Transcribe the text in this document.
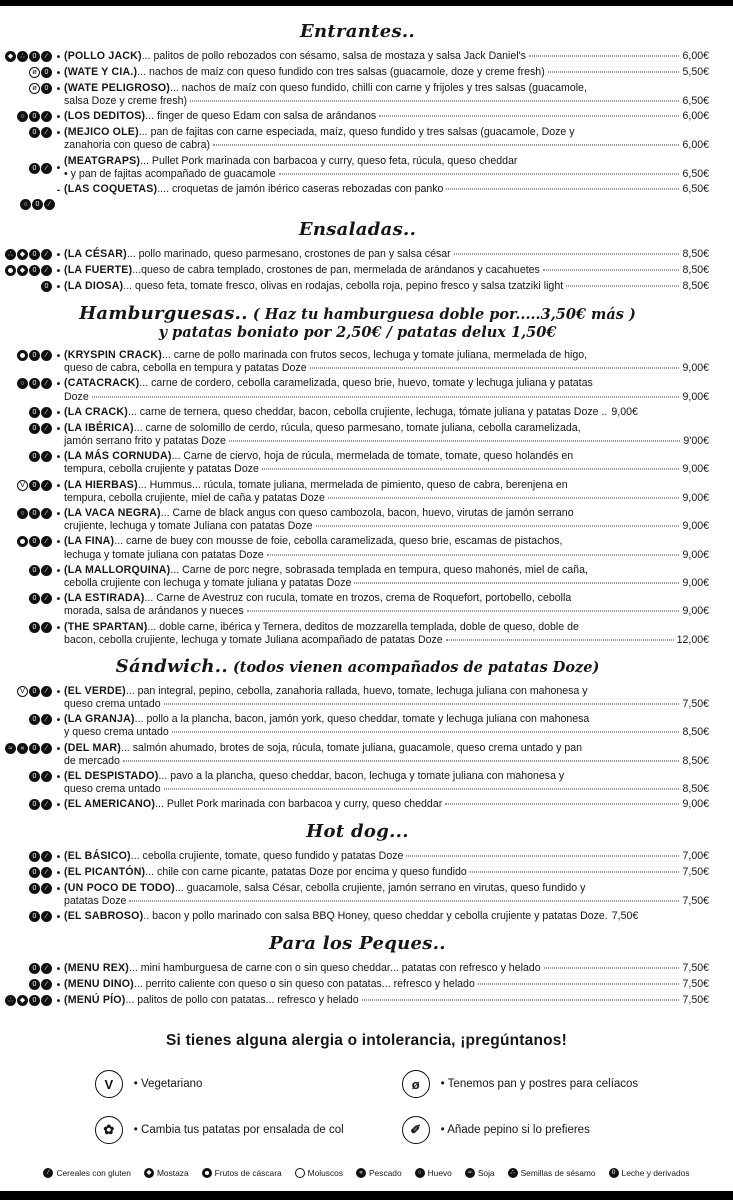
Entrantes..
◆	∴	0	∕ • (POLLO JACK) ... palitos de pollo rebozados con sésamo, salsa de mostaza y salsa Jack Daniel's	6,00€
ø	0 • (WATE Y CIA.) ... nachos de maíz con queso fundido con tres salsas (guacamole, doze y creme fresh)	5,50€
ø	0 • (WATE PELIGROSO) ... nachos de maíz con queso fundido, chilli con carne y frijoles y tres salsas (guacamole,
salsa Doze y creme fresh)	6,50€
○	0	∕ • (LOS DEDITOS) ... finger de queso Edam con salsa de arándanos	6,00€
0	∕ • (MEJICO OLE) ... pan de fajitas con carne especiada, maíz, queso fundido y tres salsas (guacamole, Doze y
zanahoria con queso de cabra)	6,00€
0	∕ •
(MEATGRAPS) ... Pullet Pork marinada con barbacoa y curry, queso feta, rúcula, queso cheddar
• y pan de fajitas acompañado de guacamole	6,50€
- (LAS COQUETAS) .... croquetas de jamón ibérico caseras rebozadas con panko	6,50€
○	0	∕
Ensaladas..
∴	◆	0	∕ • (LA CÉSAR) ... pollo marinado, queso parmesano, crostones de pan y salsa césar	8,50€
◆	0	∕ • (LA FUERTE) ...queso de cabra templado, crostones de pan, mermelada de arándanos y cacahuetes	8,50€
0 • (LA DIOSA) ... queso feta, tomate fresco, olivas en rodajas, cebolla roja, pepino fresco y salsa tzatziki light	8,50€
Hamburguesas.. ( Haz tu hamburguesa doble por.....3,50€ más )
y patatas boniato por 2,50€ / patatas delux 1,50€
0	∕ • (KRYSPIN CRACK) ... carne de pollo marinada con frutos secos, lechuga y tomate juliana, mermelada de higo,
queso de cabra, cebolla en tempura y patatas Doze	9,00€
○	0	∕ • (CATACRACK) ... carne de cordero, cebolla caramelizada, queso brie, huevo, tomate y lechuga juliana y patatas
Doze	9,00€
0	∕ • (LA CRACK) ... carne de ternera, queso cheddar, bacon, cebolla crujiente, lechuga, tómate juliana y patatas Doze .. 9,00€
0	∕ • (LA IBÉRICA) ... carne de solomillo de cerdo, rúcula, queso parmesano, tomate juliana, cebolla caramelizada,
jamón serrano frito y patatas Doze	9'00€
0	∕ • (LA MÁS CORNUDA) ... Carne de ciervo, hoja de rúcula, mermelada de tomate, tomate, queso holandés en
tempura, cebolla crujiente y patatas Doze	9,00€
V	0	∕ • (LA HIERBAS) ... Hummus... rúcula, tomate juliana, mermelada de pimiento, queso de cabra, berenjena en
tempura, cebolla crujiente, miel de caña y patatas Doze	9,00€
○	0	∕ • (LA VACA NEGRA) ... Carne de black angus con queso cambozola, bacon, huevo, virutas de jamón serrano
crujiente, lechuga y tomate Juliana con patatas Doze	9,00€
0	∕ • (LA FINA) ... carne de buey con mousse de foie, cebolla caramelizada, queso brie, escamas de pistachos,
lechuga y tomate juliana con patatas Doze	9,00€
0	∕ • (LA MALLORQUINA) ... Carne de porc negre, sobrasada templada en tempura, queso mahonés, miel de caña,
cebolla crujiente con lechuga y tomate juliana y patatas Doze	9,00€
0	∕ • (LA ESTIRADA) ... Carne de Avestruz con rucula, tomate en trozos, crema de Roquefort, portobello, cebolla
morada, salsa de arándanos y nueces	9,00€
0	∕ • (THE SPARTAN) ... doble carne, ibérica y Ternera, deditos de mozzarella templada, doble de queso, doble de
bacon, cebolla crujiente, lechuga y tomate Juliana acompañado de patatas Doze	12,00€
Sándwich.. (todos vienen acompañados de patatas Doze)
V	0	∕ • (EL VERDE) ... pan integral, pepino, cebolla, zanahoria rallada, huevo, tomate, lechuga juliana con mahonesa y
queso crema untado	7,50€
0	∕ • (LA GRANJA) ... pollo a la plancha, bacon, jamón york, queso cheddar, tomate y lechuga juliana con mahonesa
y queso crema untado	8,50€
≈	«	0	∕ • (DEL MAR) ... salmón ahumado, brotes de soja, rúcula, tomate juliana, guacamole, queso crema untado y pan
de mercado	8,50€
0	∕ • (EL DESPISTADO) ... pavo a la plancha, queso cheddar, bacon, lechuga y tomate juliana con mahonesa y
queso crema untado	8,50€
0	∕ • (EL AMERICANO) ... Pullet Pork marinada con barbacoa y curry, queso cheddar	9,00€
Hot dog...
0	∕ • (EL BÁSICO) ... cebolla crujiente, tomate, queso fundido y patatas Doze	7,00€
0	∕ • (EL PICANTÓN) ... chile con carne picante, patatas Doze por encima y queso fundido	7,50€
0	∕ • (UN POCO DE TODO) ... guacamole, salsa César, cebolla crujiente, jamón serrano en virutas, queso fundido y
patatas Doze	7,50€
0	∕ • (EL SABROSO) .. bacon y pollo marinado con salsa BBQ Honey, queso cheddar y cebolla crujiente y patatas Doze. 7,50€
Para los Peques..
0	∕ • (MENU REX) ... mini hamburguesa de carne con o sin queso cheddar... patatas con refresco y helado	7,50€
0	∕ • (MENU DINO) ... perrito caliente con queso o sin queso con patatas... refresco y helado	7,50€
∴	◆	0	∕ • (MENÚ PÍO) ... palitos de pollo con patatas... refresco y helado	7,50€
Si tienes alguna alergia o intolerancia, ¡pregúntanos!
V	• Vegetariano	ø	• Tenemos pan y postres para celíacos
✿	• Cambia tus patatas por ensalada de col	✐	• Añade pepino si lo prefieres
∕ Cereales con gluten	◆ Mostaza	Frutos de cáscara	Moluscos	« Pescado	○ Huevo	≈ Soja	∴ Semillas de sésamo	0 Leche y derivados
